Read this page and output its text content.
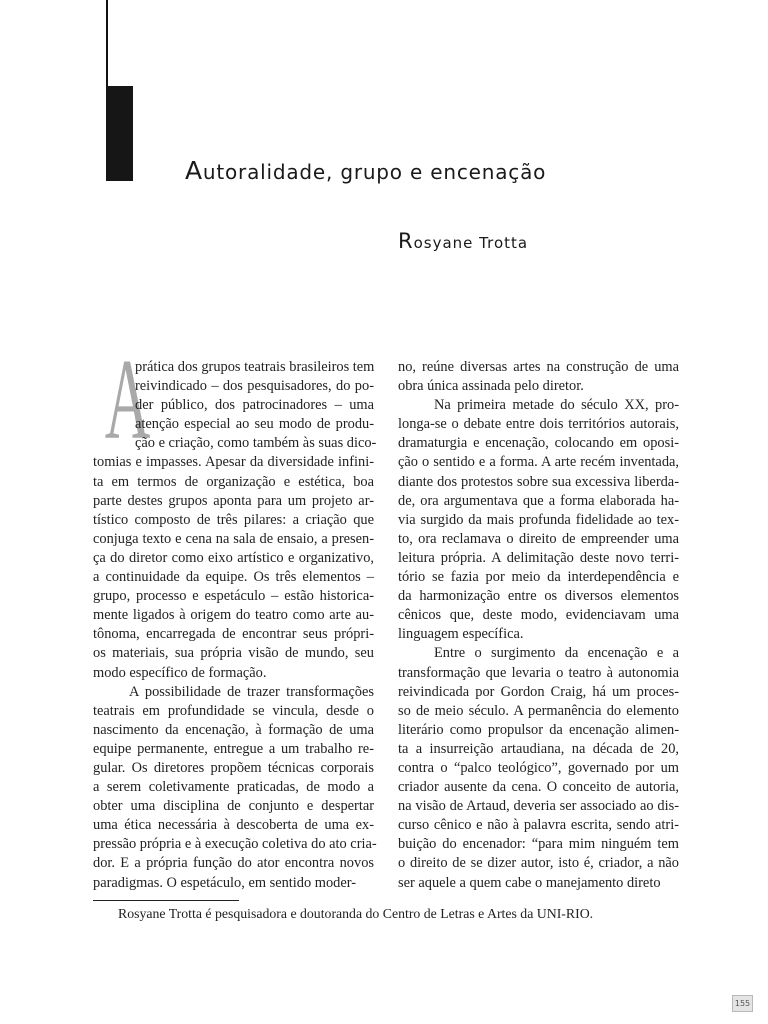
Autoralidade, grupo e encenação
Rosyane Trotta
A
prática dos grupos teatrais brasileiros tem
reivindicado – dos pesquisadores, do po-
der público, dos patrocinadores – uma
atenção especial ao seu modo de produ-
ção e criação, como também às suas dico-
tomias e impasses. Apesar da diversidade infini-
ta em termos de organização e estética, boa
parte destes grupos aponta para um projeto ar-
tístico composto de três pilares: a criação que
conjuga texto e cena na sala de ensaio, a presen-
ça do diretor como eixo artístico e organizativo,
a continuidade da equipe. Os três elementos –
grupo, processo e espetáculo – estão historica-
mente ligados à origem do teatro como arte au-
tônoma, encarregada de encontrar seus própri-
os materiais, sua própria visão de mundo, seu
modo específico de formação.
A possibilidade de trazer transformações
teatrais em profundidade se vincula, desde o
nascimento da encenação, à formação de uma
equipe permanente, entregue a um trabalho re-
gular. Os diretores propõem técnicas corporais
a serem coletivamente praticadas, de modo a
obter uma disciplina de conjunto e despertar
uma ética necessária à descoberta de uma ex-
pressão própria e à execução coletiva do ato cria-
dor. E a própria função do ator encontra novos
paradigmas. O espetáculo, em sentido moder-
no, reúne diversas artes na construção de uma
obra única assinada pelo diretor.
Na primeira metade do século XX, pro-
longa-se o debate entre dois territórios autorais,
dramaturgia e encenação, colocando em oposi-
ção o sentido e a forma. A arte recém inventada,
diante dos protestos sobre sua excessiva liberda-
de, ora argumentava que a forma elaborada ha-
via surgido da mais profunda fidelidade ao tex-
to, ora reclamava o direito de empreender uma
leitura própria. A delimitação deste novo terri-
tório se fazia por meio da interdependência e
da harmonização entre os diversos elementos
cênicos que, deste modo, evidenciavam uma
linguagem específica.
Entre o surgimento da encenação e a
transformação que levaria o teatro à autonomia
reivindicada por Gordon Craig, há um proces-
so de meio século. A permanência do elemento
literário como propulsor da encenação alimen-
ta a insurreição artaudiana, na década de 20,
contra o “palco teológico”, governado por um
criador ausente da cena. O conceito de autoria,
na visão de Artaud, deveria ser associado ao dis-
curso cênico e não à palavra escrita, sendo atri-
buição do encenador: “para mim ninguém tem
o direito de se dizer autor, isto é, criador, a não
ser aquele a quem cabe o manejamento direto
Rosyane Trotta é pesquisadora e doutoranda do Centro de Letras e Artes da UNI-RIO.
155
